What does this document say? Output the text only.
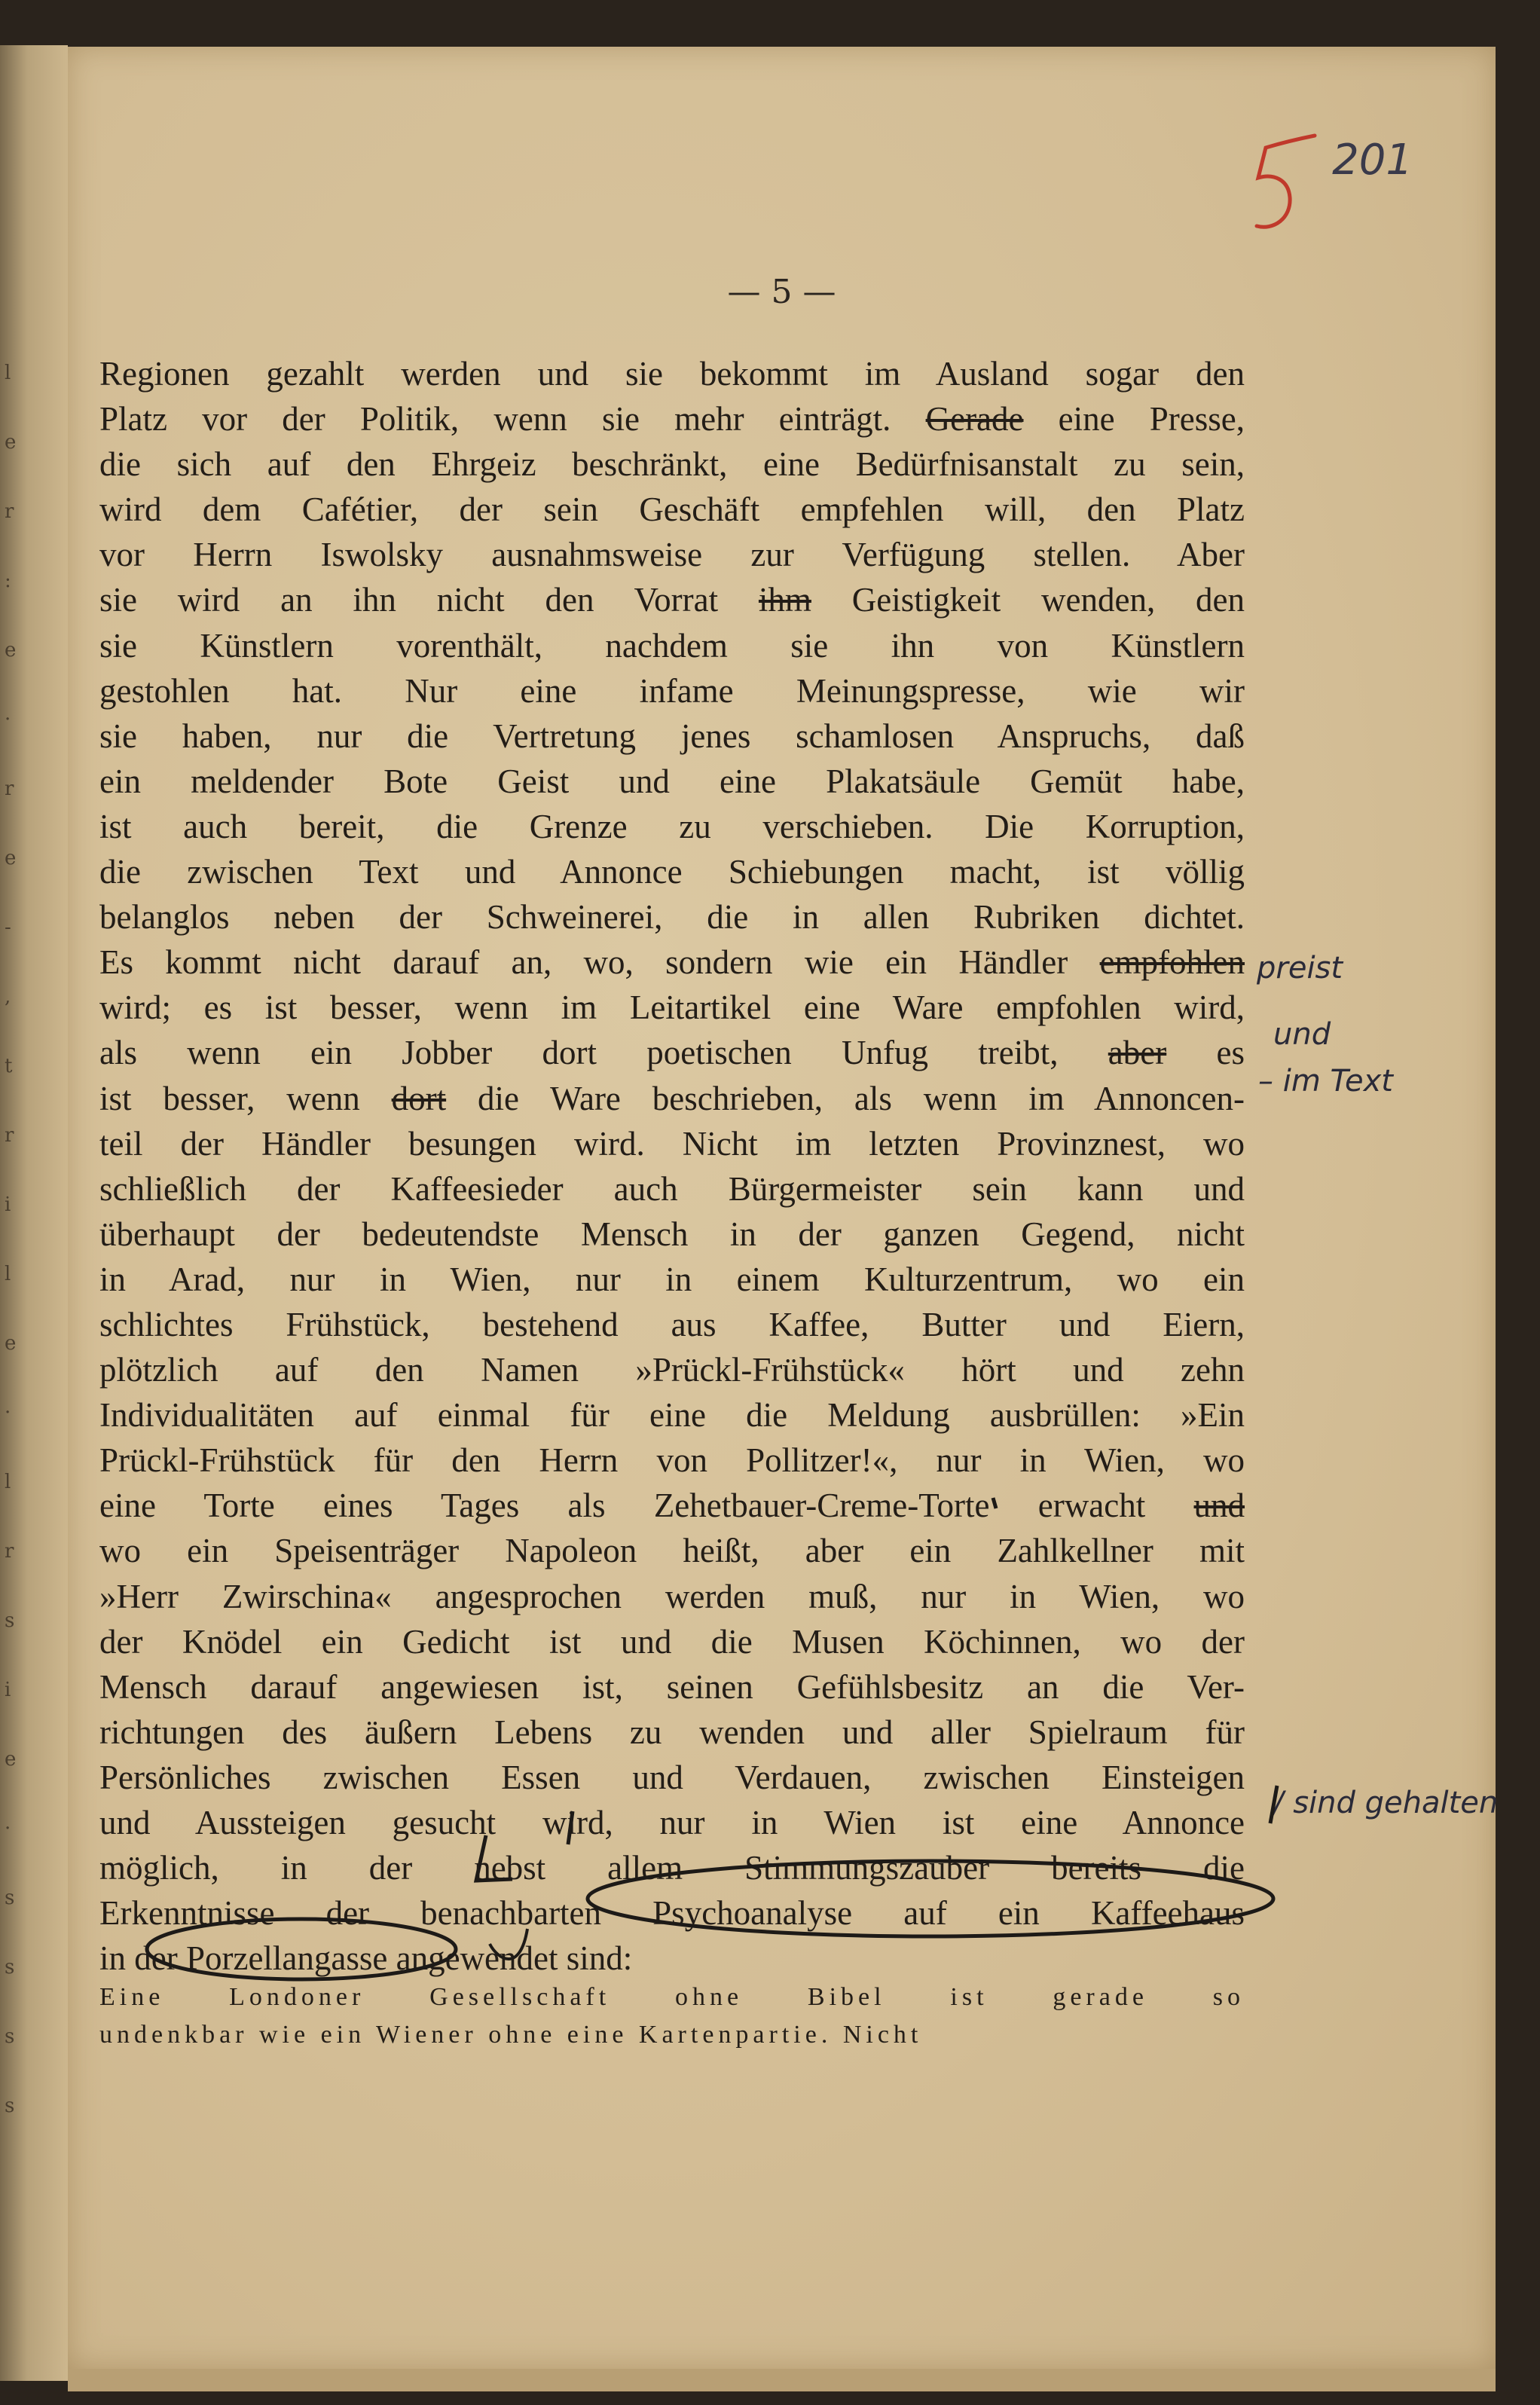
l
e
r
:
e
·
r
e
-
,
t
r
i
l
e
·
l
r
s
i
e
·
s
s
s
s
— 5 —
201
Regionen gezahlt werden und sie bekommt im Ausland sogar den
Platz vor der Politik, wenn sie mehr einträgt. Gerade eine Presse,
die sich auf den Ehrgeiz beschränkt, eine Bedürfnisanstalt zu sein,
wird dem Cafétier, der sein Geschäft empfehlen will, den Platz
vor Herrn Iswolsky ausnahmsweise zur Verfügung stellen. Aber
sie wird an ihn nicht den Vorrat ihm Geistigkeit wenden, den
sie Künstlern vorenthält, nachdem sie ihn von Künstlern
gestohlen hat. Nur eine infame Meinungspresse, wie wir
sie haben, nur die Vertretung jenes schamlosen Anspruchs, daß
ein meldender Bote Geist und eine Plakatsäule Gemüt habe,
ist auch bereit, die Grenze zu verschieben. Die Korruption,
die zwischen Text und Annonce Schiebungen macht, ist völlig
belanglos neben der Schweinerei, die in allen Rubriken dichtet.
Es kommt nicht darauf an, wo, sondern wie ein Händler empfohlen
wird; es ist besser, wenn im Leitartikel eine Ware empfohlen wird,
als wenn ein Jobber dort poetischen Unfug treibt, aber es
ist besser, wenn dort die Ware beschrieben, als wenn im Annoncen-
teil der Händler besungen wird. Nicht im letzten Provinznest, wo
schließlich der Kaffeesieder auch Bürgermeister sein kann und
überhaupt der bedeutendste Mensch in der ganzen Gegend, nicht
in Arad, nur in Wien, nur in einem Kulturzentrum, wo ein
schlichtes Frühstück, bestehend aus Kaffee, Butter und Eiern,
plötzlich auf den Namen »Prückl-Frühstück« hört und zehn
Individualitäten auf einmal für eine die Meldung ausbrüllen: »Ein
Prückl-Frühstück für den Herrn von Pollitzer!«, nur in Wien, wo
eine Torte eines Tages als Zehetbauer-Creme-Torte erwacht und
wo ein Speisenträger Napoleon heißt, aber ein Zahlkellner mit
»Herr Zwirschina« angesprochen werden muß, nur in Wien, wo
der Knödel ein Gedicht ist und die Musen Köchinnen, wo der
Mensch darauf angewiesen ist, seinen Gefühlsbesitz an die Ver-
richtungen des äußern Lebens zu wenden und aller Spielraum für
Persönliches zwischen Essen und Verdauen, zwischen Einsteigen
und Aussteigen gesucht wird, nur in Wien ist eine Annonce
möglich, in der nebst allem Stimmungszauber bereits die
Erkenntnisse der benachbarten Psychoanalyse auf ein Kaffeehaus
in der Porzellangasse angewendet sind:
Eine Londoner Gesellschaft ohne Bibel ist gerade so
undenkbar wie ein Wiener ohne eine Kartenpartie. Nicht
preist
und
– im Text
/ sind gehalten
